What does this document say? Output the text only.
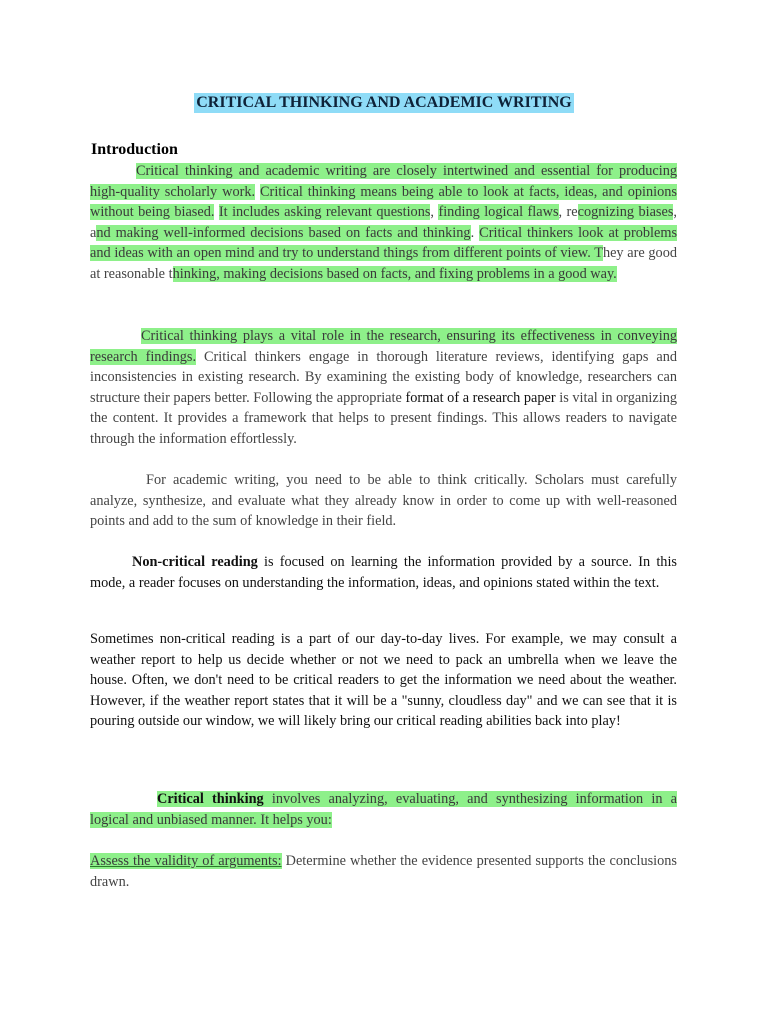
CRITICAL THINKING AND ACADEMIC WRITING
Introduction
Critical thinking and academic writing are closely intertwined and essential for producing high-quality scholarly work. Critical thinking means being able to look at facts, ideas, and opinions without being biased. It includes asking relevant questions, finding logical flaws, recognizing biases, and making well-informed decisions based on facts and thinking. Critical thinkers look at problems and ideas with an open mind and try to understand things from different points of view. They are good at reasonable thinking, making decisions based on facts, and fixing problems in a good way.
Critical thinking plays a vital role in the research, ensuring its effectiveness in conveying research findings. Critical thinkers engage in thorough literature reviews, identifying gaps and inconsistencies in existing research. By examining the existing body of knowledge, researchers can structure their papers better. Following the appropriate format of a research paper is vital in organizing the content. It provides a framework that helps to present findings. This allows readers to navigate through the information effortlessly.
For academic writing, you need to be able to think critically. Scholars must carefully analyze, synthesize, and evaluate what they already know in order to come up with well-reasoned points and add to the sum of knowledge in their field.
Non-critical reading is focused on learning the information provided by a source. In this mode, a reader focuses on understanding the information, ideas, and opinions stated within the text.
Sometimes non-critical reading is a part of our day-to-day lives. For example, we may consult a weather report to help us decide whether or not we need to pack an umbrella when we leave the house. Often, we don't need to be critical readers to get the information we need about the weather. However, if the weather report states that it will be a "sunny, cloudless day" and we can see that it is pouring outside our window, we will likely bring our critical reading abilities back into play!
Critical thinking involves analyzing, evaluating, and synthesizing information in a logical and unbiased manner. It helps you:
Assess the validity of arguments: Determine whether the evidence presented supports the conclusions drawn.
